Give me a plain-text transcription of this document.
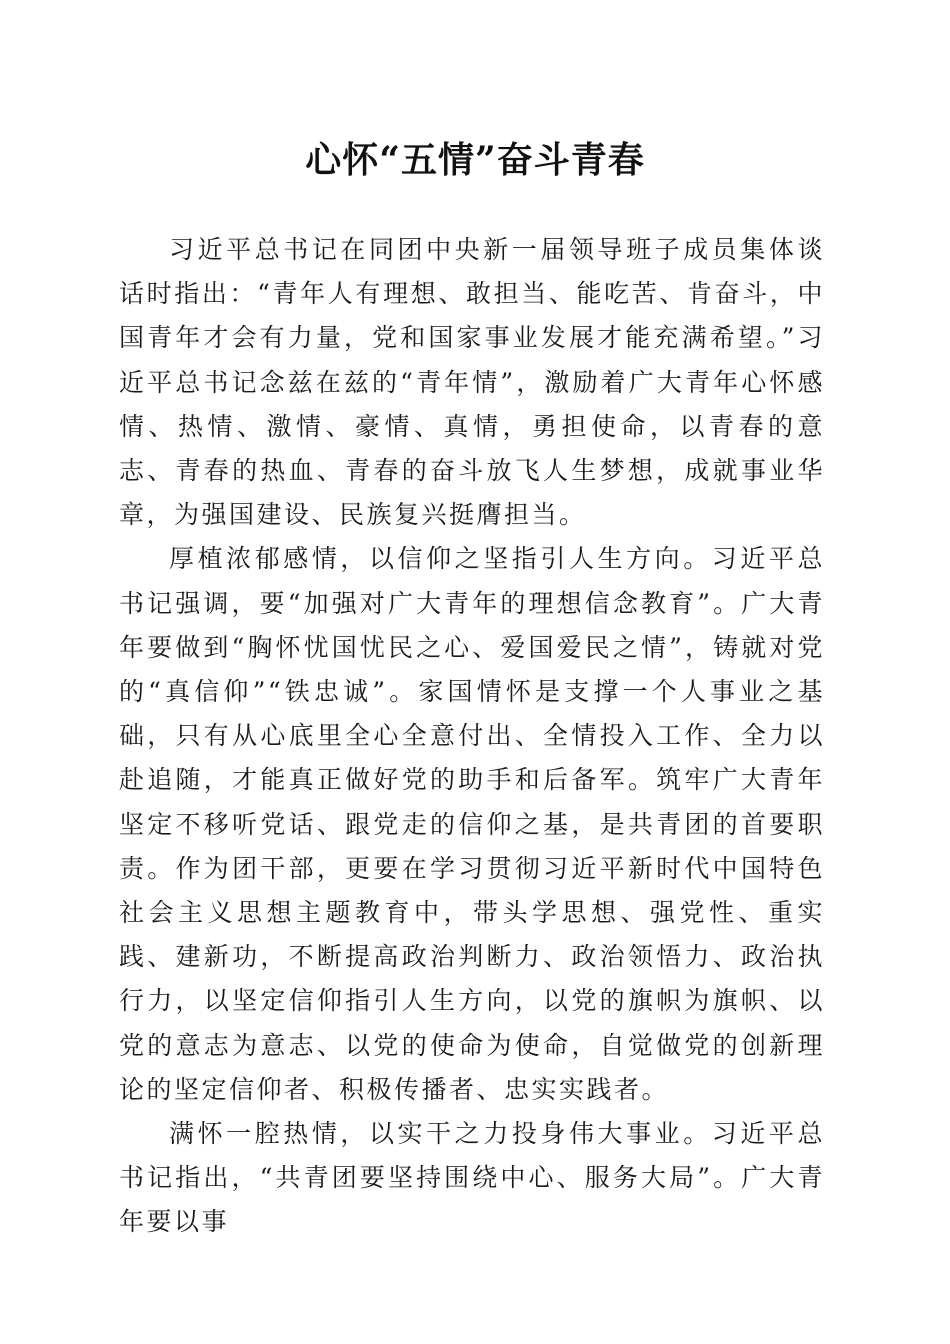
心怀“五情”奋斗青春

习近平总书记在同团中央新一届领导班子成员集体谈话时指出：“青年人有理想、敢担当、能吃苦、肯奋斗，中国青年才会有力量，党和国家事业发展才能充满希望。”习近平总书记念兹在兹的“青年情”，激励着广大青年心怀感情、热情、激情、豪情、真情，勇担使命，以青春的意志、青春的热血、青春的奋斗放飞人生梦想，成就事业华章，为强国建设、民族复兴挺膺担当。

厚植浓郁感情，以信仰之坚指引人生方向。习近平总书记强调，要“加强对广大青年的理想信念教育”。广大青年要做到“胸怀忧国忧民之心、爱国爱民之情”，铸就对党的“真信仰”“铁忠诚”。家国情怀是支撑一个人事业之基础，只有从心底里全心全意付出、全情投入工作、全力以赴追随，才能真正做好党的助手和后备军。筑牢广大青年坚定不移听党话、跟党走的信仰之基，是共青团的首要职责。作为团干部，更要在学习贯彻习近平新时代中国特色社会主义思想主题教育中，带头学思想、强党性、重实践、建新功，不断提高政治判断力、政治领悟力、政治执行力，以坚定信仰指引人生方向，以党的旗帜为旗帜、以党的意志为意志、以党的使命为使命，自觉做党的创新理论的坚定信仰者、积极传播者、忠实实践者。

满怀一腔热情，以实干之力投身伟大事业。习近平总书记指出，“共青团要坚持围绕中心、服务大局”。广大青年要以事
